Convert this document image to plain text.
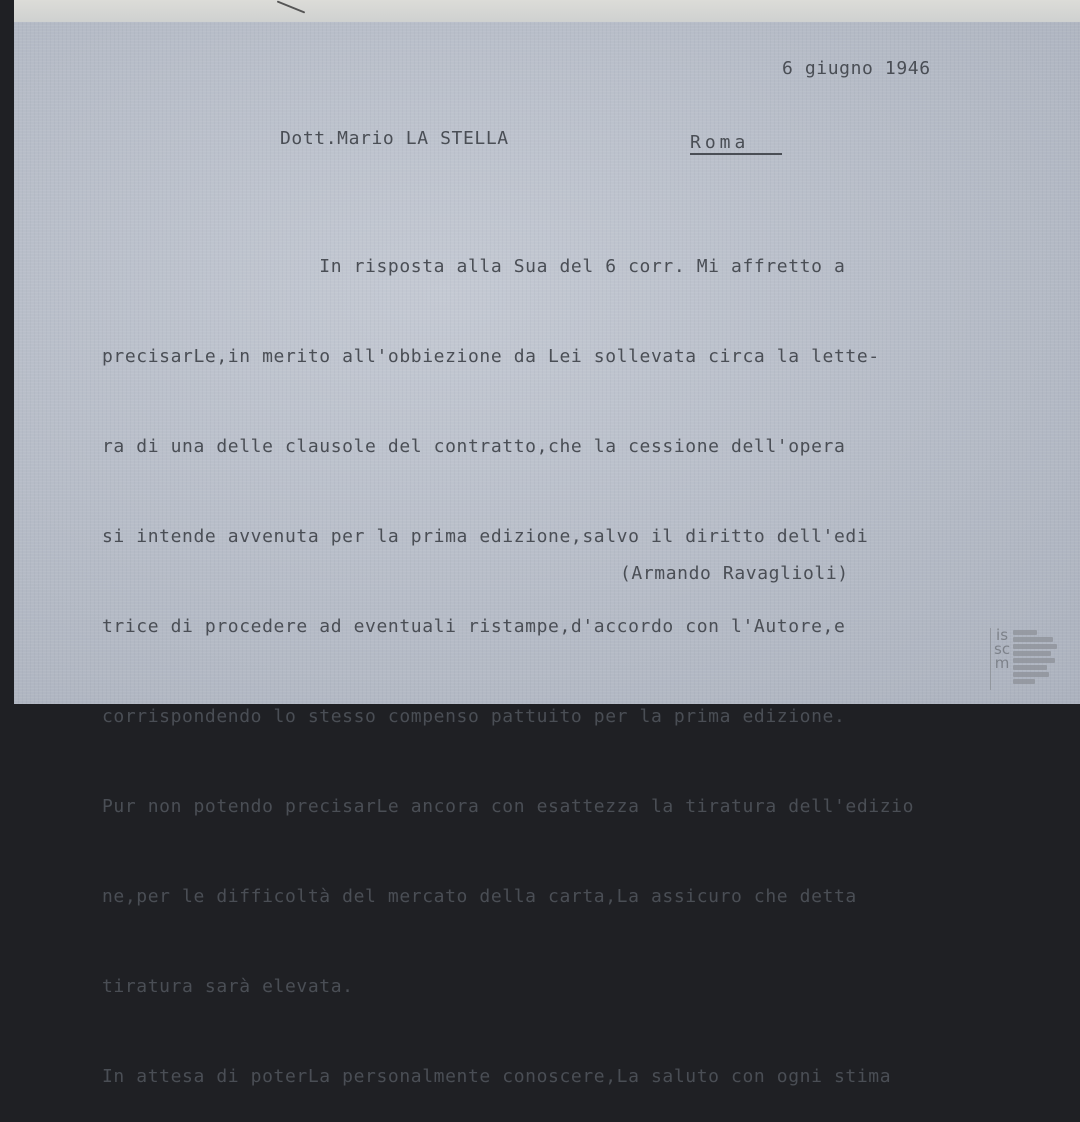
6 giugno 1946
Dott.Mario LA STELLA	Roma

In risposta alla Sua del 6 corr. Mi affretto a

precisarLe,in merito all'obbiezione da Lei sollevata circa la lette-

ra di una delle clausole del contratto,che la cessione dell'opera

si intende avvenuta per la prima edizione,salvo il diritto dell'edi

trice di procedere ad eventuali ristampe,d'accordo con l'Autore,e

corrispondendo lo stesso compenso pattuito per la prima edizione.

Pur non potendo precisarLe ancora con esattezza la tiratura dell'edizio

ne,per le difficoltà del mercato della carta,La assicuro che detta

tiratura sarà elevata.

In attesa di poterLa personalmente conoscere,La saluto con ogni stima

(Armando Ravaglioli)
is
sc
m
